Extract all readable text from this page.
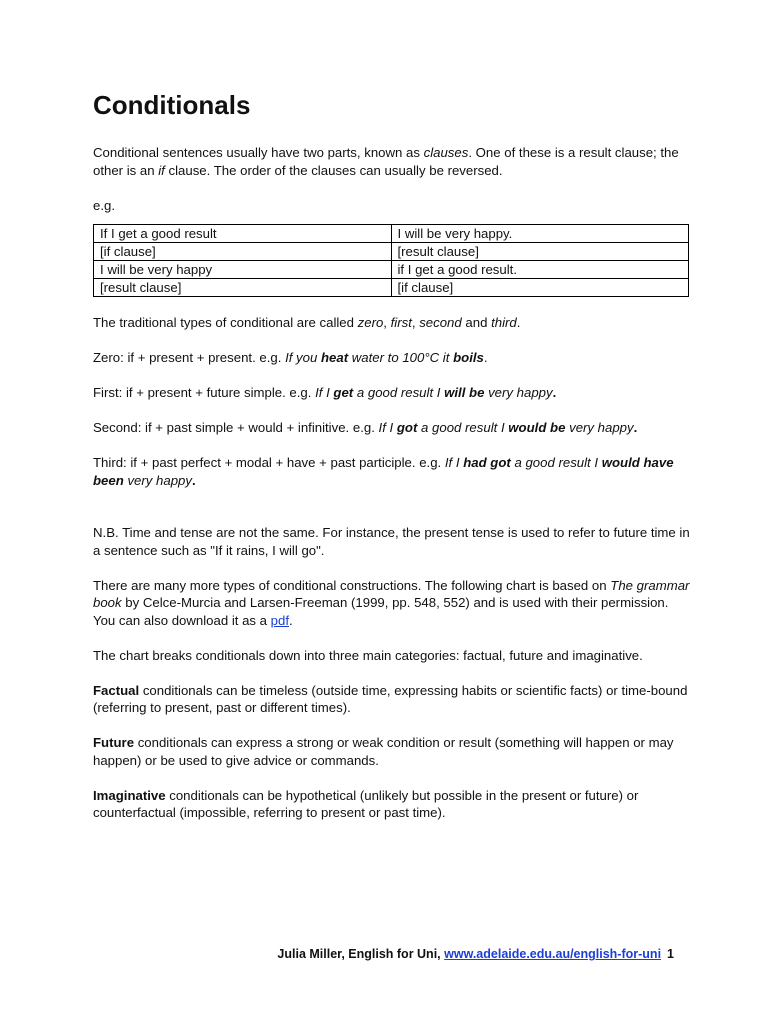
Conditionals

Conditional sentences usually have two parts, known as clauses. One of these is a result clause; the other is an if clause. The order of the clauses can usually be reversed.

e.g.

If I get a good result	I will be very happy.
[if clause]	[result clause]
I will be very happy	if I get a good result.
[result clause]	[if clause]

The traditional types of conditional are called zero, first, second and third.

Zero: if + present + present. e.g. If you heat water to 100°C it boils.

First: if + present + future simple. e.g. If I get a good result I will be very happy.

Second: if + past simple + would + infinitive. e.g. If I got a good result I would be very happy.

Third: if + past perfect + modal + have + past participle. e.g. If I had got a good result I would have been very happy.

N.B. Time and tense are not the same. For instance, the present tense is used to refer to future time in a sentence such as "If it rains, I will go".

There are many more types of conditional constructions. The following chart is based on The grammar book by Celce-Murcia and Larsen-Freeman (1999, pp. 548, 552) and is used with their permission. You can also download it as a pdf.

The chart breaks conditionals down into three main categories: factual, future and imaginative.

Factual conditionals can be timeless (outside time, expressing habits or scientific facts) or time-bound (referring to present, past or different times).

Future conditionals can express a strong or weak condition or result (something will happen or may happen) or be used to give advice or commands.

Imaginative conditionals can be hypothetical (unlikely but possible in the present or future) or counterfactual (impossible, referring to present or past time).

Julia Miller, English for Uni, www.adelaide.edu.au/english-for-uni 1
